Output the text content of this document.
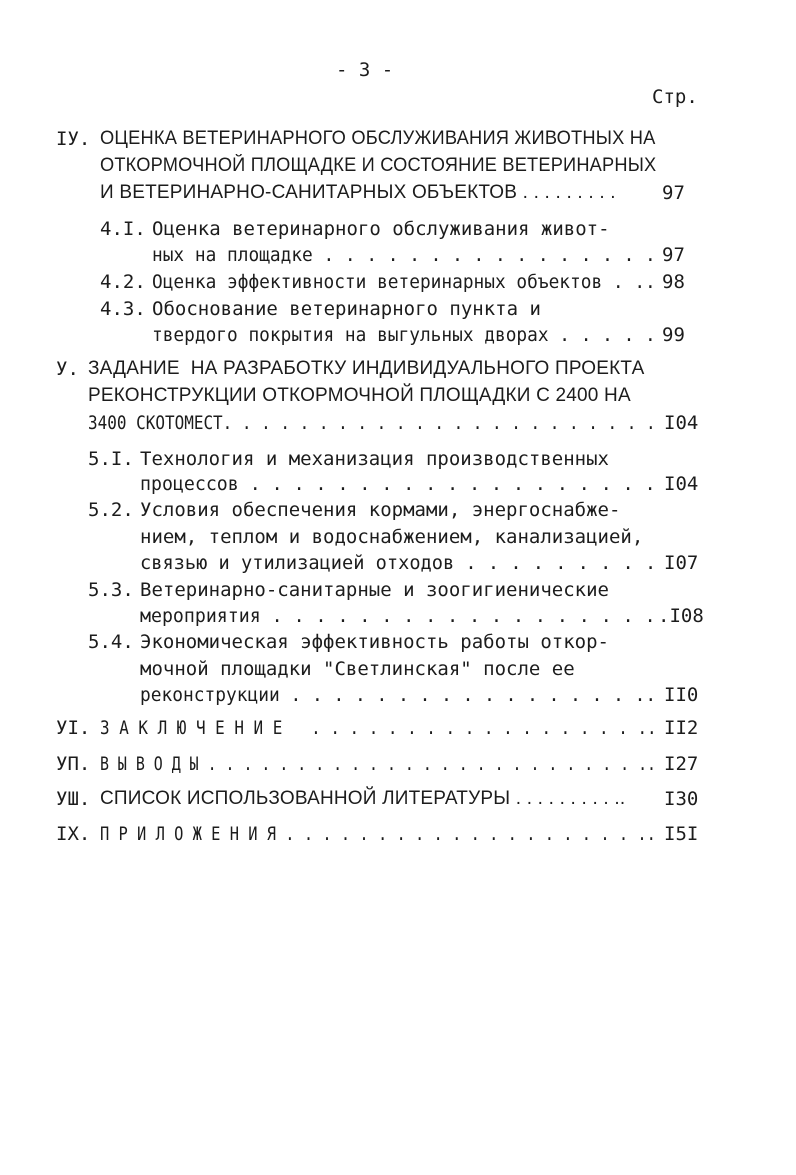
- 3 -
Стр.
IУ. ОЦЕНКА ВЕТЕРИНАРНОГО ОБСЛУЖИВАНИЯ ЖИВОТНЫХ НА
ОТКОРМОЧНОЙ ПЛОЩАДКЕ И СОСТОЯНИЕ ВЕТЕРИНАРНЫХ
И ВЕТЕРИНАРНО-САНИТАРНЫХ ОБЪЕКТОВ . . . . . . . . . 97
4.I. Оценка ветеринарного обслуживания живот-
ных на площадке . . . . . . . . . . . . . . . . 97
4.2. Оценка эффективности ветеринарных объектов . .. 98
4.3. Обоснование ветеринарного пункта и
твердого покрытия на выгульных дворах . . . . . 99
У. ЗАДАНИЕ  НА РАЗРАБОТКУ ИНДИВИДУАЛЬНОГО ПРОЕКТА
РЕКОНСТРУКЦИИ ОТКОРМОЧНОЙ ПЛОЩАДКИ С 2400 НА
3400 СКОТОМЕСТ. . . . . . . . . . . . . . . . . . . . . . . I04
5.I. Технология и механизация производственных
процессов . . . . . . . . . . . . . . . . . . . I04
5.2. Условия обеспечения кормами, энергоснабже-
нием, теплом и водоснабжением, канализацией,
связью и утилизацией отходов . . . . . . . . . I07
5.3. Ветеринарно-санитарные и зоогигиенические
мероприятия . . . . . . . . . . . . . . . . . . .I08
5.4. Экономическая эффективность работы откор-
мочной площадки "Светлинская" после ее
реконструкции . . . . . . . . . . . . . . . . .. II0
УI. З А К Л Ю Ч Е Н И Е   . . . . . . . . . . . . . . . . . .. II2
УП. В Ы В О Д Ы . . . . . . . . . . . . . . . . . . . . . . . . .. I27
УШ. СПИСОК ИСПОЛЬЗОВАННОЙ ЛИТЕРАТУРЫ . . . . . . . . . .. I30
IХ. П Р И Л О Ж Е Н И Я . . . . . . . . . . . . . . . . . . . .. I5I
